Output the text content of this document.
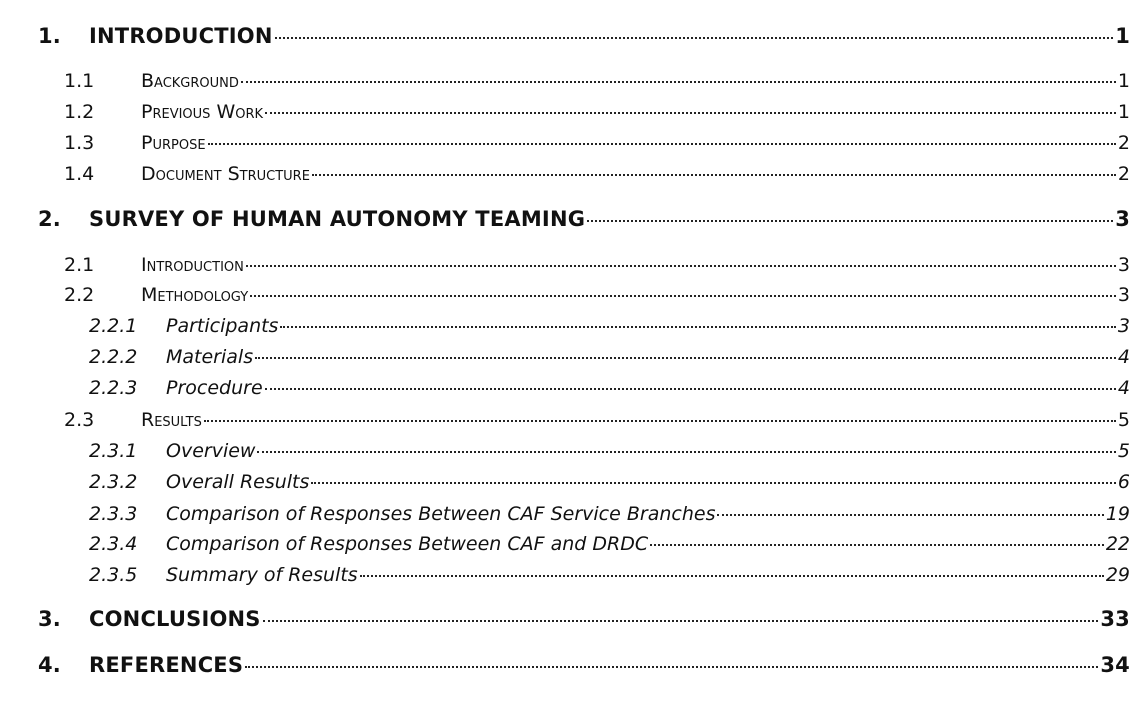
1. INTRODUCTION	1
1.1 Background	1
1.2 Previous Work	1
1.3 Purpose	2
1.4 Document Structure	2
2. SURVEY OF HUMAN AUTONOMY TEAMING	3
2.1 Introduction	3
2.2 Methodology	3
2.2.1 Participants	3
2.2.2 Materials	4
2.2.3 Procedure	4
2.3 Results	5
2.3.1 Overview	5
2.3.2 Overall Results	6
2.3.3 Comparison of Responses Between CAF Service Branches	19
2.3.4 Comparison of Responses Between CAF and DRDC	22
2.3.5 Summary of Results	29
3. CONCLUSIONS	33
4. REFERENCES	34
